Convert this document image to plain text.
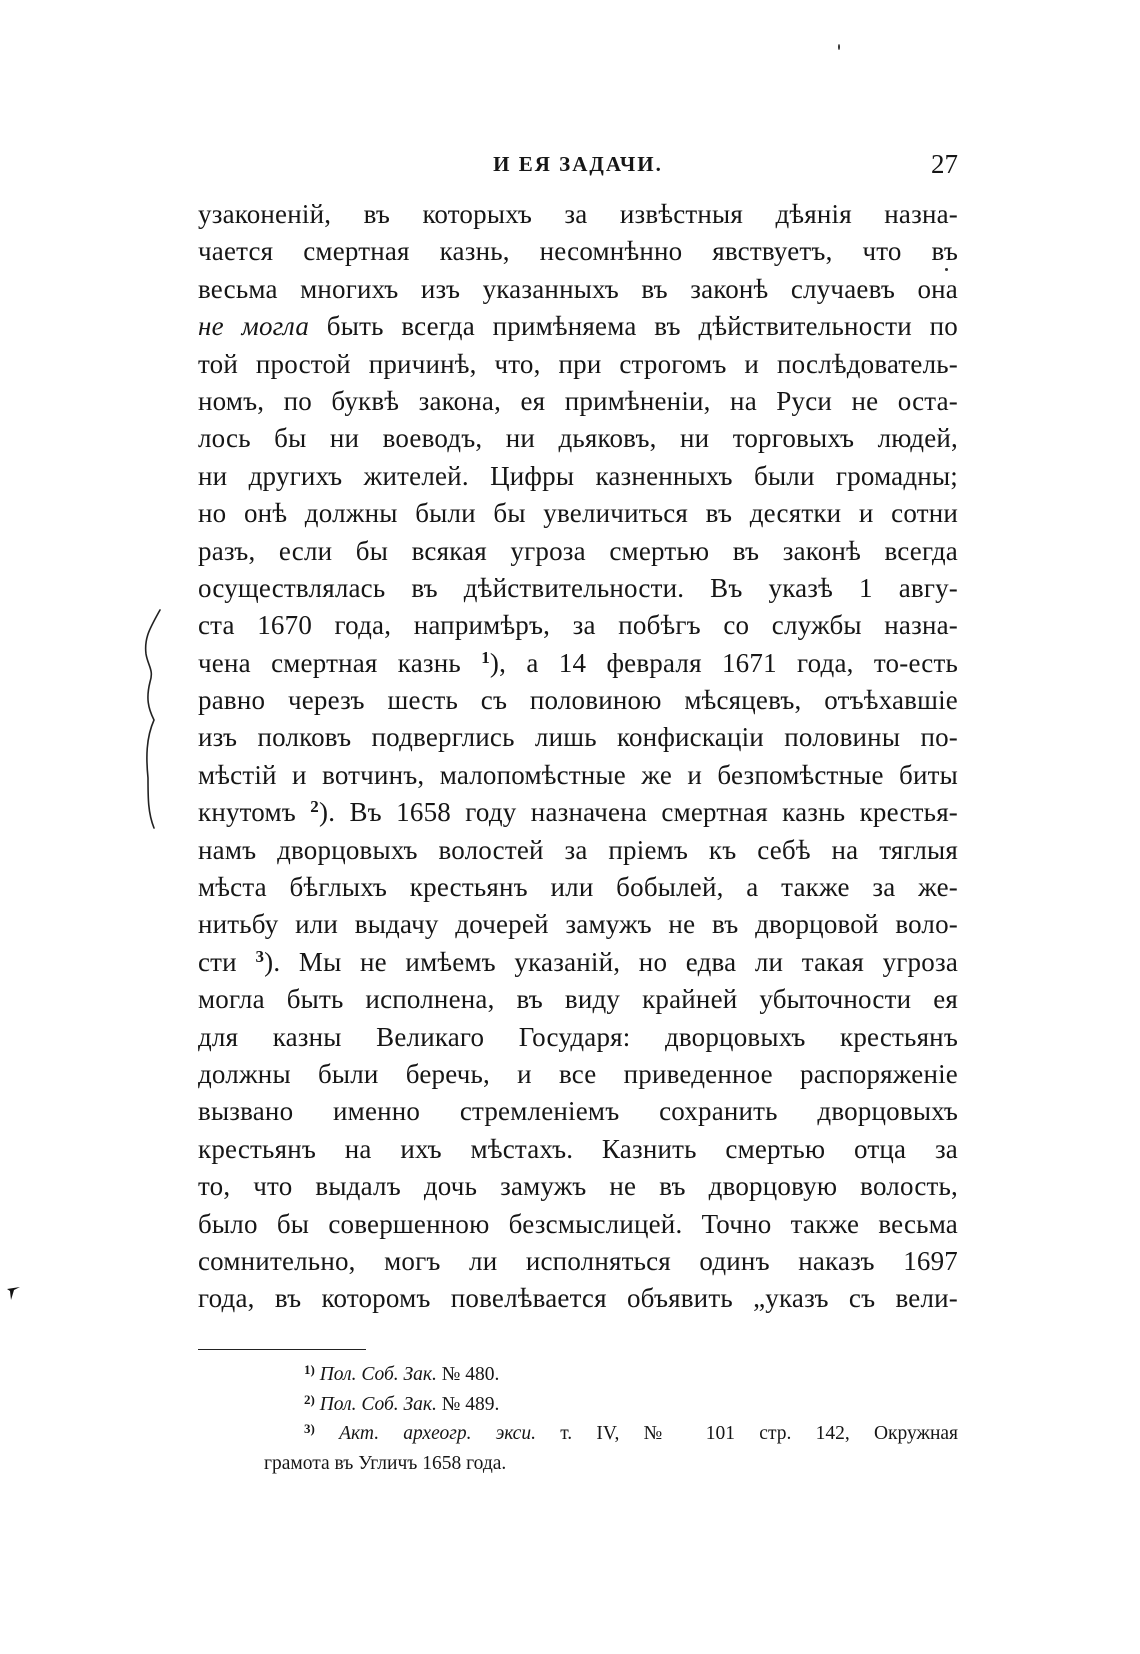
И ЕЯ ЗАДАЧИ.	27
узаконеній, въ которыхъ за извѣстныя дѣянія назна-
чается смертная казнь, несомнѣнно явствуетъ, что въ
весьма многихъ изъ указанныхъ въ законѣ случаевъ она
не могла быть всегда примѣняема въ дѣйствительности по
той простой причинѣ, что, при строгомъ и послѣдователь-
номъ, по буквѣ закона, ея примѣненіи, на Руси не оста-
лось бы ни воеводъ, ни дьяковъ, ни торговыхъ людей,
ни другихъ жителей. Цифры казненныхъ были громадны;
но онѣ должны были бы увеличиться въ десятки и сотни
разъ, если бы всякая угроза смертью въ законѣ всегда
осуществлялась въ дѣйствительности. Въ указѣ 1 авгу-
ста 1670 года, напримѣръ, за побѣгъ со службы назна-
чена смертная казнь $^1$), а 14 февраля 1671 года, то-есть
равно черезъ шесть съ половиною мѣсяцевъ, отъѣхавшіе
изъ полковъ подверглись лишь конфискаціи половины по-
мѣстій и вотчинъ, малопомѣстные же и безпомѣстные биты
кнутомъ $^2$). Въ 1658 году назначена смертная казнь крестья-
намъ дворцовыхъ волостей за пріемъ къ себѣ на тяглыя
мѣста бѣглыхъ крестьянъ или бобылей, а также за же-
нитьбу или выдачу дочерей замужъ не въ дворцовой воло-
сти $^3$). Мы не имѣемъ указаній, но едва ли такая угроза
могла быть исполнена, въ виду крайней убыточности ея
для казны Великаго Государя: дворцовыхъ крестьянъ
должны были беречь, и все приведенное распоряженіе
вызвано именно стремленіемъ сохранить дворцовыхъ
крестьянъ на ихъ мѣстахъ. Казнить смертью отца за
то, что выдалъ дочь замужъ не въ дворцовую волость,
было бы совершенною безсмыслицей. Точно также весьма
сомнительно, могъ ли исполняться одинъ наказъ 1697
года, въ которомъ повелѣвается объявить „указъ съ вели-
$^{1)}$ Пол. Соб. Зак. № 480.
$^{2)}$ Пол. Соб. Зак. № 489.
$^{3)}$ Акт. археогр. экси. т. IV, № 101 стр. 142, Окружная
грамота въ Угличъ 1658 года.
